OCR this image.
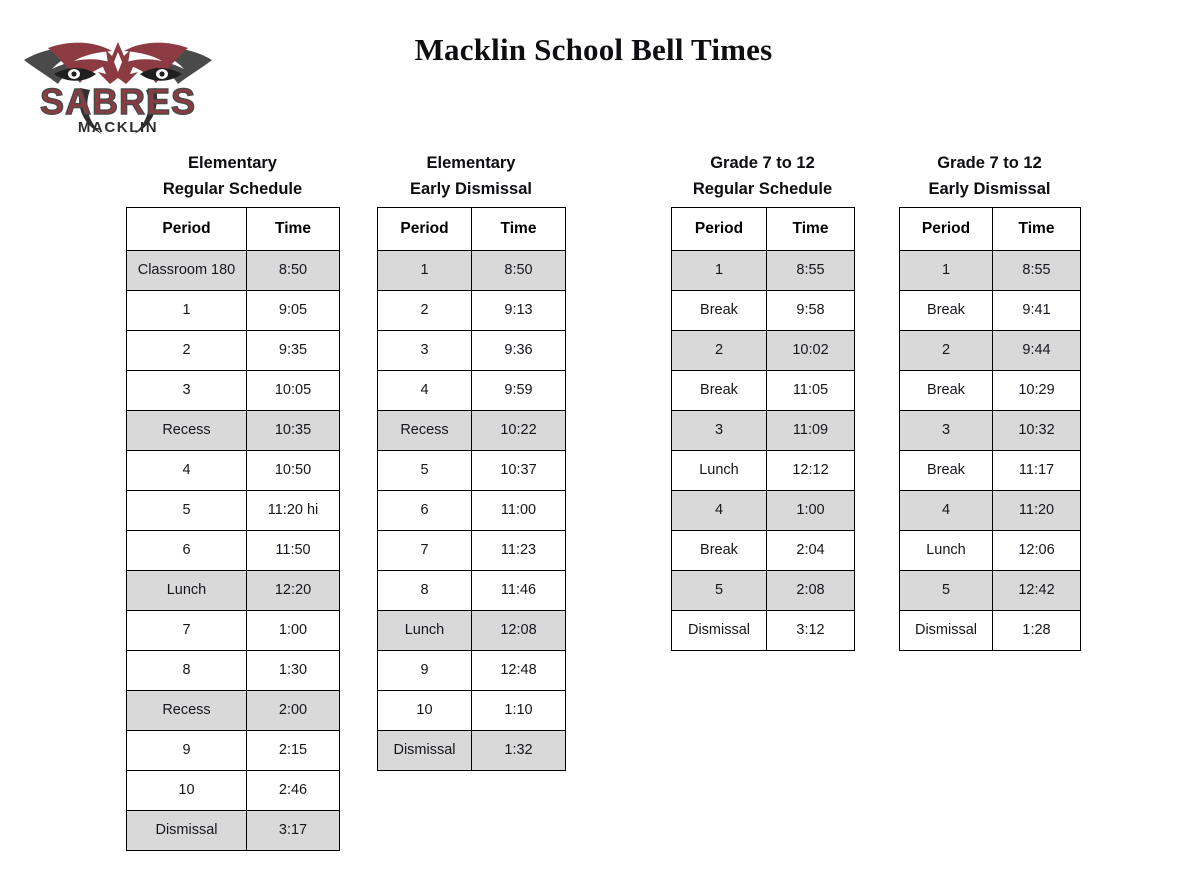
SABRES
MACKLIN
Macklin School Bell Times
Elementary
Regular Schedule
Period	Time
Classroom 180	8:50
1	9:05
2	9:35
3	10:05
Recess	10:35
4	10:50
5	11:20 hi
6	11:50
Lunch	12:20
7	1:00
8	1:30
Recess	2:00
9	2:15
10	2:46
Dismissal	3:17
Elementary
Early Dismissal
Period	Time
1	8:50
2	9:13
3	9:36
4	9:59
Recess	10:22
5	10:37
6	11:00
7	11:23
8	11:46
Lunch	12:08
9	12:48
10	1:10
Dismissal	1:32
Grade 7 to 12
Regular Schedule
Period	Time
1	8:55
Break	9:58
2	10:02
Break	11:05
3	11:09
Lunch	12:12
4	1:00
Break	2:04
5	2:08
Dismissal	3:12
Grade 7 to 12
Early Dismissal
Period	Time
1	8:55
Break	9:41
2	9:44
Break	10:29
3	10:32
Break	11:17
4	11:20
Lunch	12:06
5	12:42
Dismissal	1:28
